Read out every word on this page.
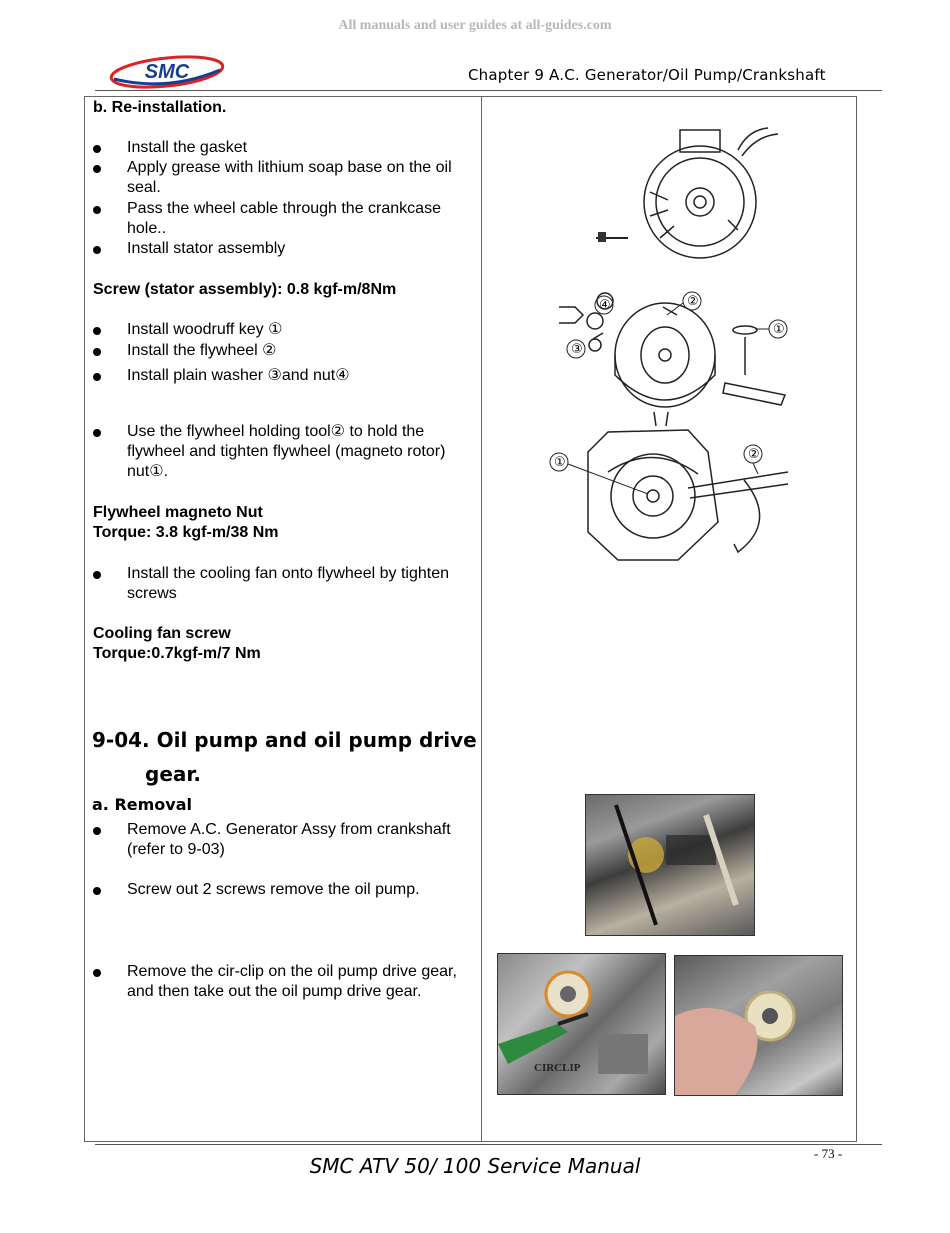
All manuals and user guides at all-guides.com
SMC	Chapter 9 A.C. Generator/Oil Pump/Crankshaft
b. Re-installation.
Install the gasket
Apply grease with lithium soap base on the oil seal.
Pass the wheel cable through the crankcase hole..
Install stator assembly
Screw (stator assembly): 0.8 kgf-m/8Nm
Install woodruff key ①
Install the flywheel ②
Install plain washer ③and nut④
Use the flywheel holding tool② to hold the flywheel and tighten flywheel (magneto rotor) nut①.
Flywheel magneto Nut
Torque: 3.8 kgf-m/38 Nm
Install the cooling fan onto flywheel by tighten screws
Cooling fan screw
Torque:0.7kgf-m/7 Nm
9-04. Oil pump and oil pump drive
gear.
a. Removal
Remove A.C. Generator Assy from crankshaft (refer to 9-03)
Screw out 2 screws remove the oil pump.
Remove the cir-clip on the oil pump drive gear, and then take out the oil pump drive gear.
②
④
③
①
①
②
CIRCLIP
- 73 -
SMC ATV 50/ 100 Service Manual
